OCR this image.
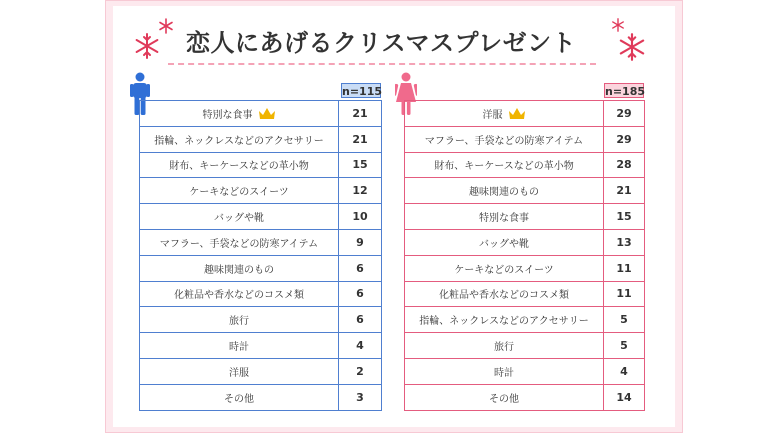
恋人にあげるクリスマスプレゼント
n=115	n=185
特別な食事	21
指輪、ネックレスなどのアクセサリー	21
財布、キーケースなどの革小物	15
ケーキなどのスイーツ	12
バッグや靴	10
マフラー、手袋などの防寒アイテム	9
趣味関連のもの	6
化粧品や香水などのコスメ類	6
旅行	6
時計	4
洋服	2
その他	3
洋服	29
マフラー、手袋などの防寒アイテム	29
財布、キーケースなどの革小物	28
趣味関連のもの	21
特別な食事	15
バッグや靴	13
ケーキなどのスイーツ	11
化粧品や香水などのコスメ類	11
指輪、ネックレスなどのアクセサリー	5
旅行	5
時計	4
その他	14
